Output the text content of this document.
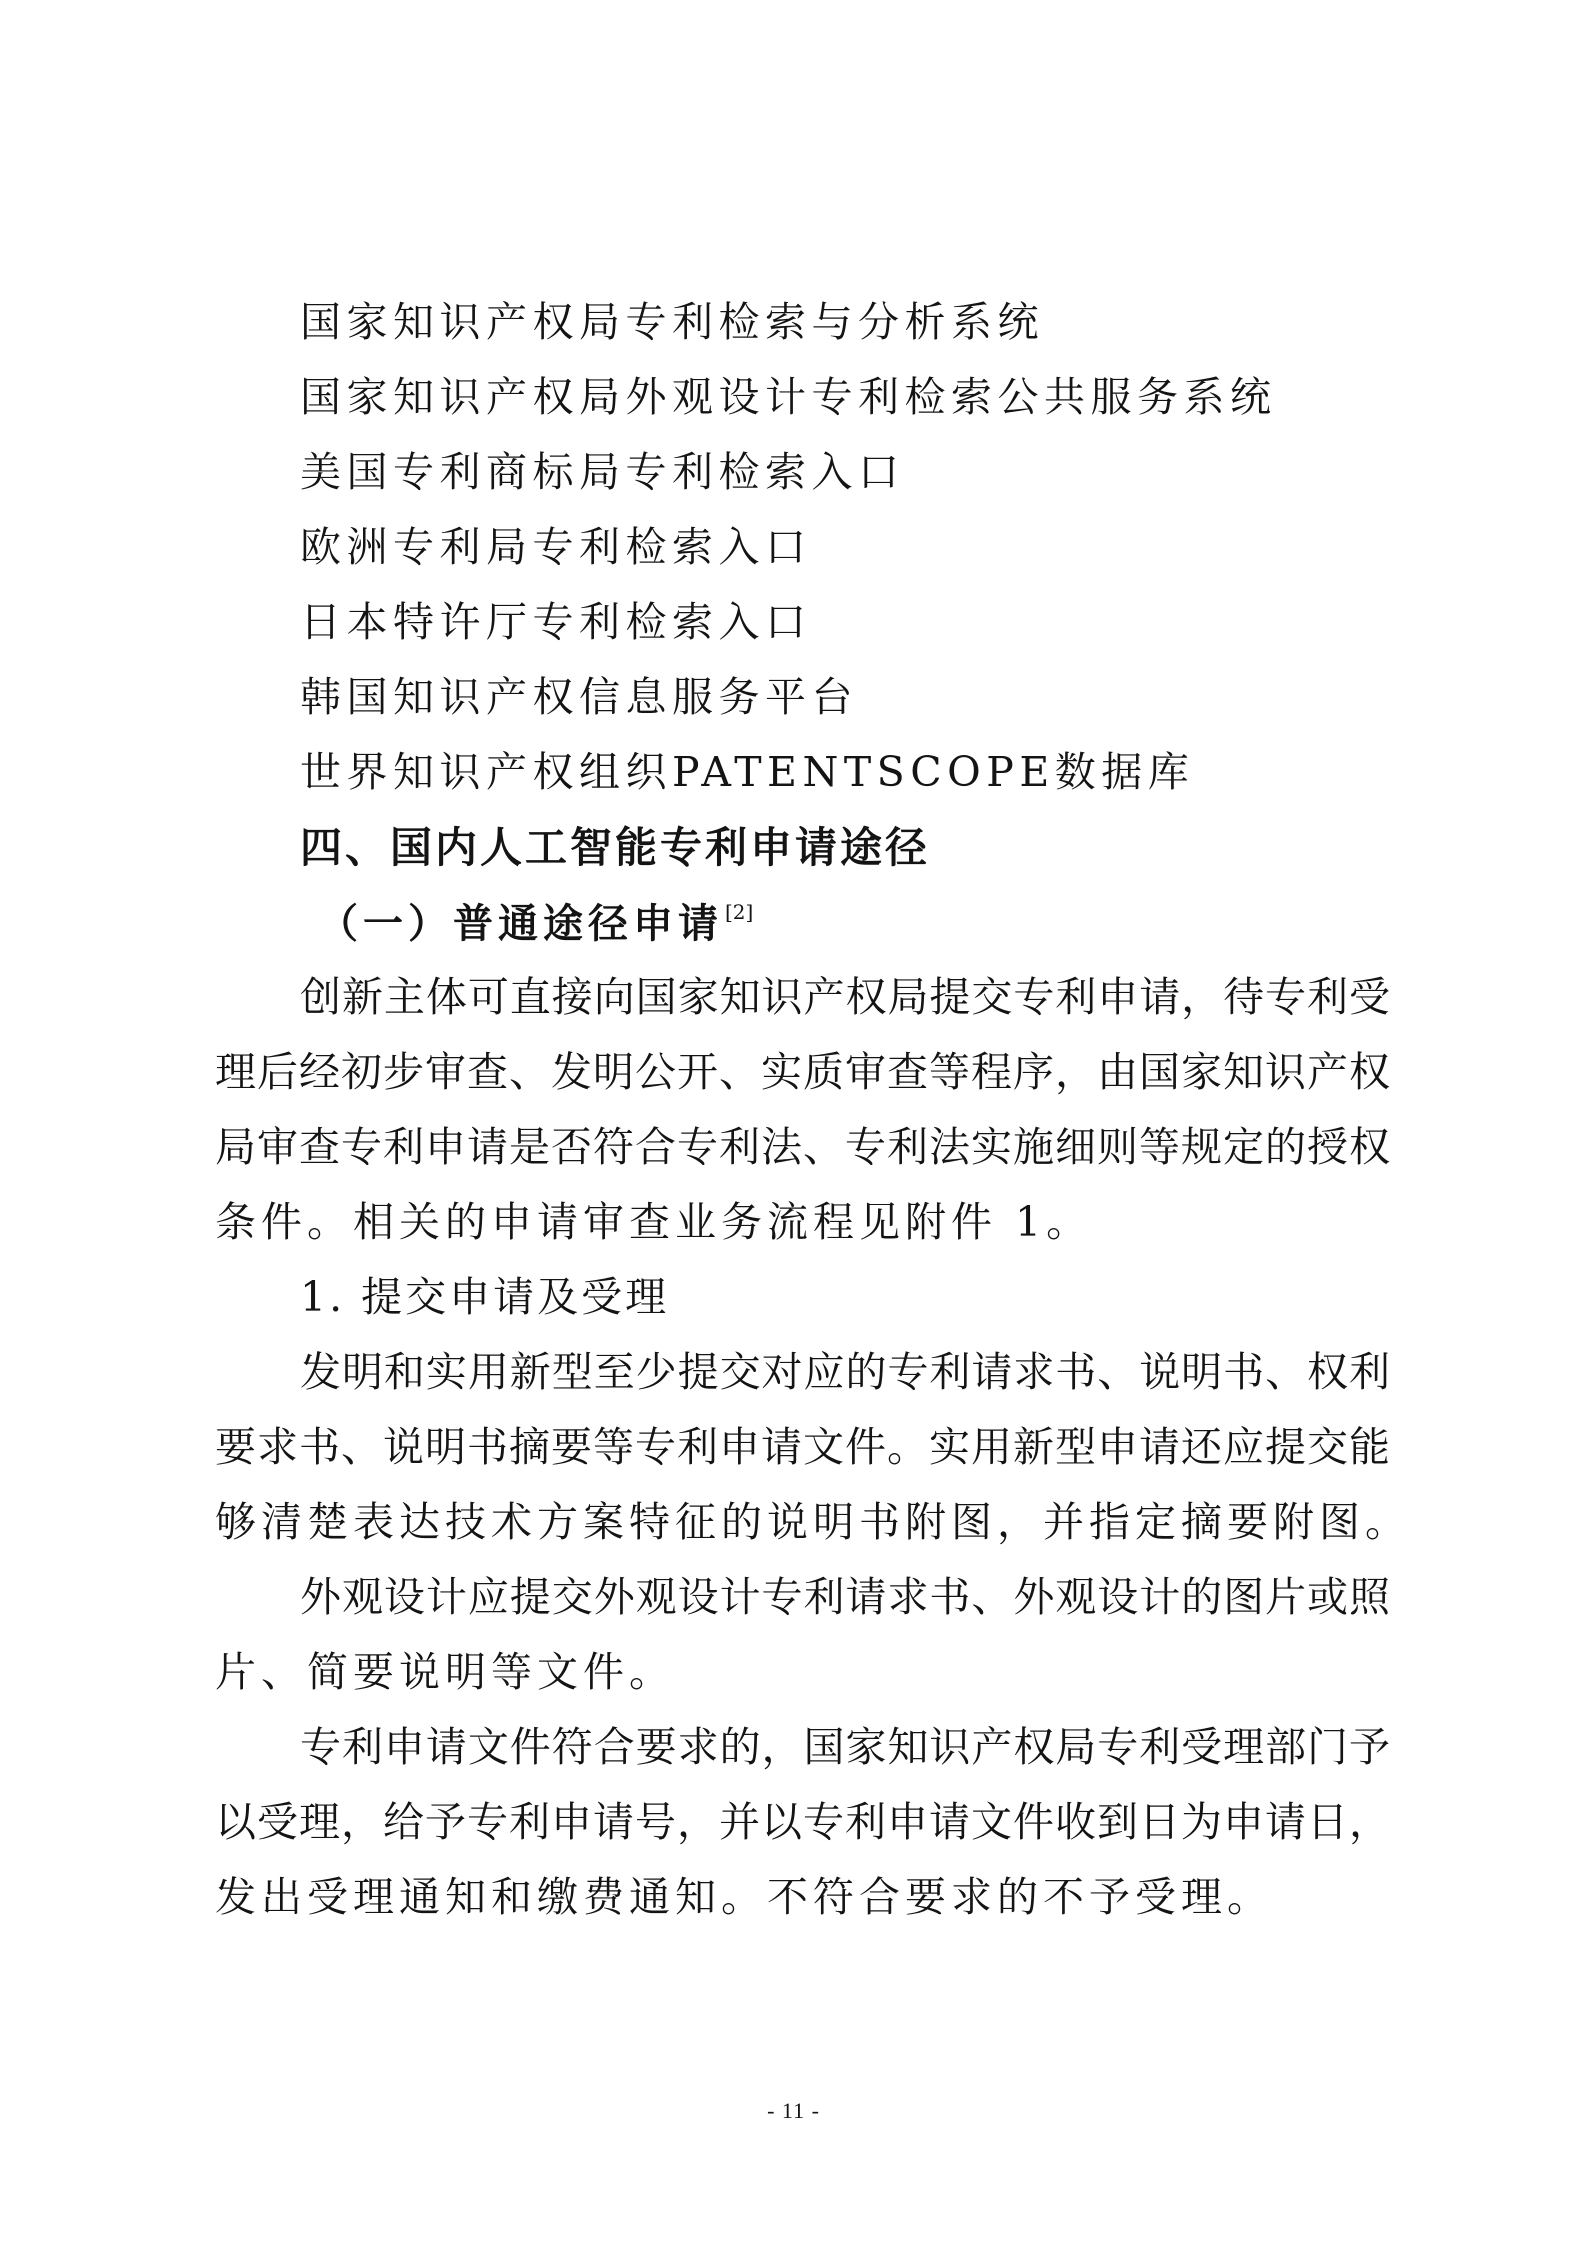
国家知识产权局专利检索与分析系统
国家知识产权局外观设计专利检索公共服务系统
美国专利商标局专利检索入口
欧洲专利局专利检索入口
日本特许厅专利检索入口
韩国知识产权信息服务平台
世界知识产权组织PATENTSCOPE数据库
四、国内人工智能专利申请途径
（一）普通途径申请 [2]
创新主体可直接向国家知识产权局提交专利申请，待专利受
理后经初步审查、发明公开、实质审查等程序，由国家知识产权
局审查专利申请是否符合专利法、专利法实施细则等规定的授权
条件。相关的申请审查业务流程见附件 1。
1. 提交申请及受理
发明和实用新型至少提交对应的专利请求书、说明书、权利
要求书、说明书摘要等专利申请文件。实用新型申请还应提交能
够清楚表达技术方案特征的说明书附图，并指定摘要附图。
外观设计应提交外观设计专利请求书、外观设计的图片或照
片、简要说明等文件。
专利申请文件符合要求的，国家知识产权局专利受理部门予
以受理，给予专利申请号，并以专利申请文件收到日为申请日，
发出受理通知和缴费通知。不符合要求的不予受理。
- 11 -
